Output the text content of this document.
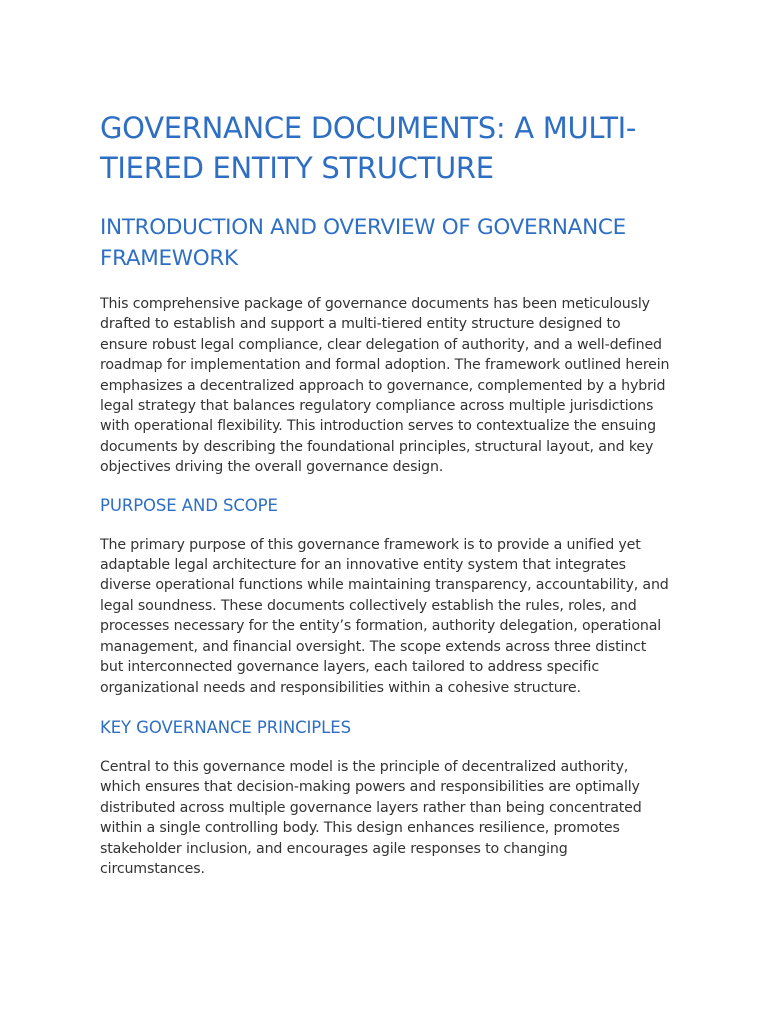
GOVERNANCE DOCUMENTS: A MULTI-TIERED ENTITY STRUCTURE
INTRODUCTION AND OVERVIEW OF GOVERNANCE FRAMEWORK

This comprehensive package of governance documents has been meticulously drafted to establish and support a multi-tiered entity structure designed to ensure robust legal compliance, clear delegation of authority, and a well-defined roadmap for implementation and formal adoption. The framework outlined herein emphasizes a decentralized approach to governance, complemented by a hybrid legal strategy that balances regulatory compliance across multiple jurisdictions with operational flexibility. This introduction serves to contextualize the ensuing documents by describing the foundational principles, structural layout, and key objectives driving the overall governance design.

PURPOSE AND SCOPE

The primary purpose of this governance framework is to provide a unified yet adaptable legal architecture for an innovative entity system that integrates diverse operational functions while maintaining transparency, accountability, and legal soundness. These documents collectively establish the rules, roles, and processes necessary for the entity’s formation, authority delegation, operational management, and financial oversight. The scope extends across three distinct but interconnected governance layers, each tailored to address specific organizational needs and responsibilities within a cohesive structure.

KEY GOVERNANCE PRINCIPLES

Central to this governance model is the principle of decentralized authority, which ensures that decision-making powers and responsibilities are optimally distributed across multiple governance layers rather than being concentrated within a single controlling body. This design enhances resilience, promotes stakeholder inclusion, and encourages agile responses to changing circumstances.
